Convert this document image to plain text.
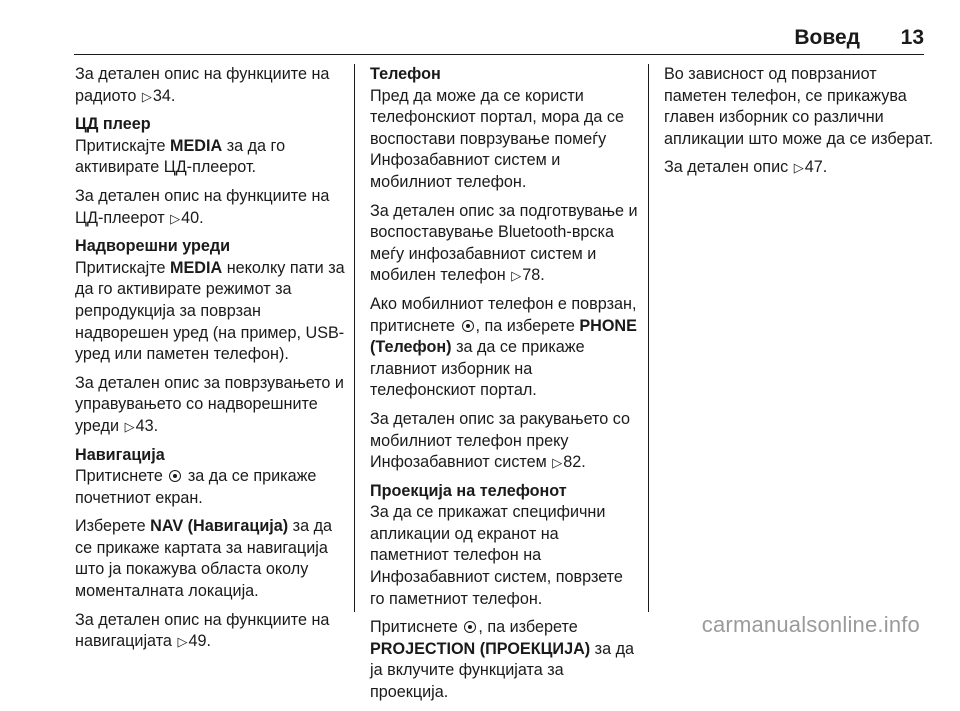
Вовед 13

За детален опис на функциите на радиото ▷34.

ЦД плеер

Притискајте MEDIA за да го активирате ЦД-плеерот.

За детален опис на функциите на ЦД-плеерот ▷40.

Надворешни уреди

Притискајте MEDIA неколку пати за да го активирате режимот за репродукција за поврзан надворешен уред (на пример, USB-уред или паметен телефон).

За детален опис за поврзувањето и управувањето со надворешните уреди ▷43.

Навигација

Притиснете за да се прикаже почетниот екран.

Изберете NAV (Навигација) за да се прикаже картата за навигација што ја покажува областа околу моменталната локација.

За детален опис на функциите на навигацијата ▷49.

Телефон

Пред да може да се користи телефонскиот портал, мора да се воспостави поврзување помеѓу Инфозабавниот систем и мобилниот телефон.

За детален опис за подготвување и воспоставување Bluetooth-врска меѓу инфозабавниот систем и мобилен телефон ▷78.

Ако мобилниот телефон е поврзан, притиснете , па изберете PHONE (Телефон) за да се прикаже главниот изборник на телефонскиот портал.

За детален опис за ракувањето со мобилниот телефон преку Инфозабавниот систем ▷82.

Проекција на телефонот

За да се прикажат специфични апликации од екранот на паметниот телефон на Инфозабавниот систем, поврзете го паметниот телефон.

Притиснете , па изберете PROJECTION (ПРОЕКЦИЈА) за да ја вклучите функцијата за проекција.

Во зависност од поврзаниот паметен телефон, се прикажува главен изборник со различни апликации што може да се изберат.

За детален опис ▷47.

carmanualsonline.info
